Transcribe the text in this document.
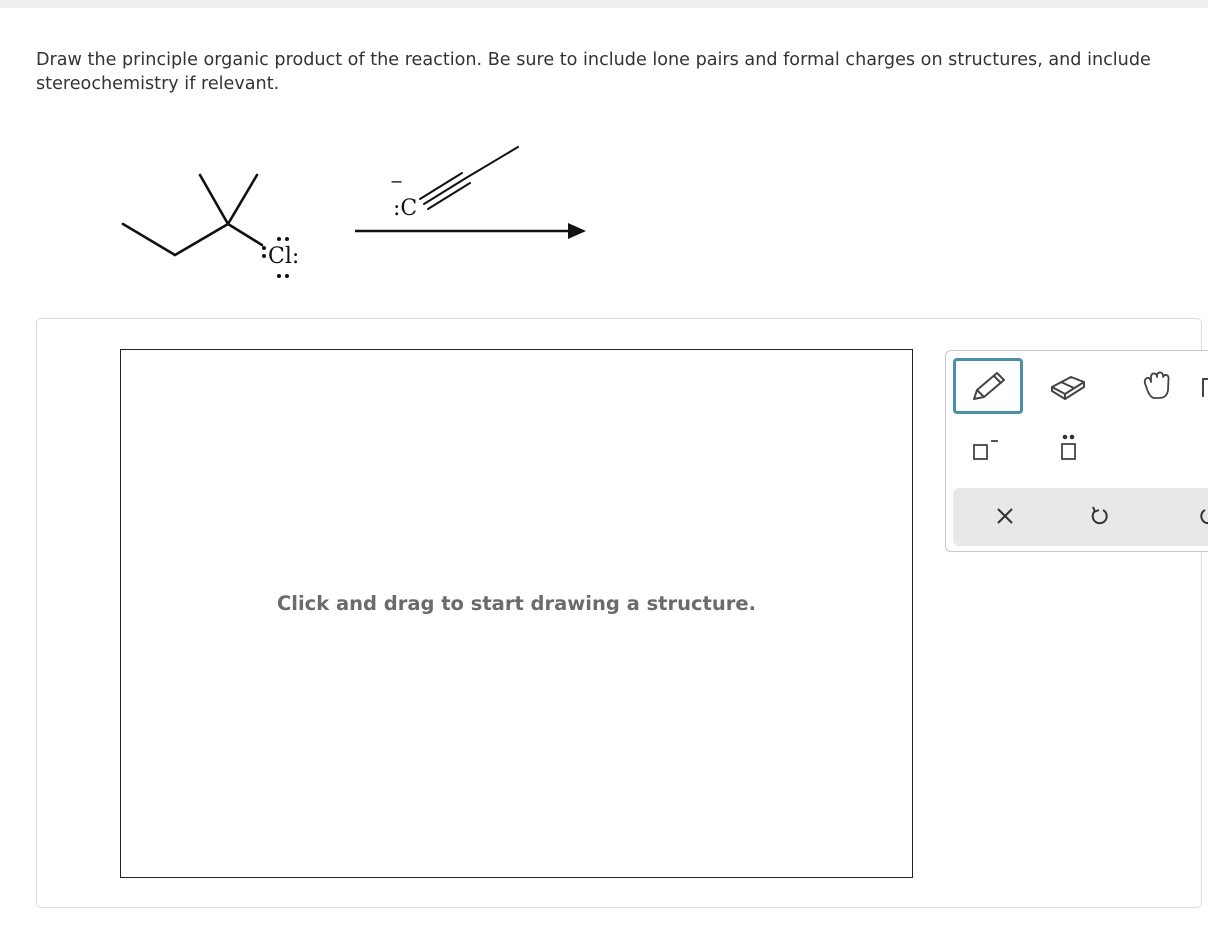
Draw the principle organic product of the reaction. Be sure to include lone pairs and formal charges on structures, and include stereochemistry if relevant.
Cl:
−
:C
Click and drag to start drawing a structure.
